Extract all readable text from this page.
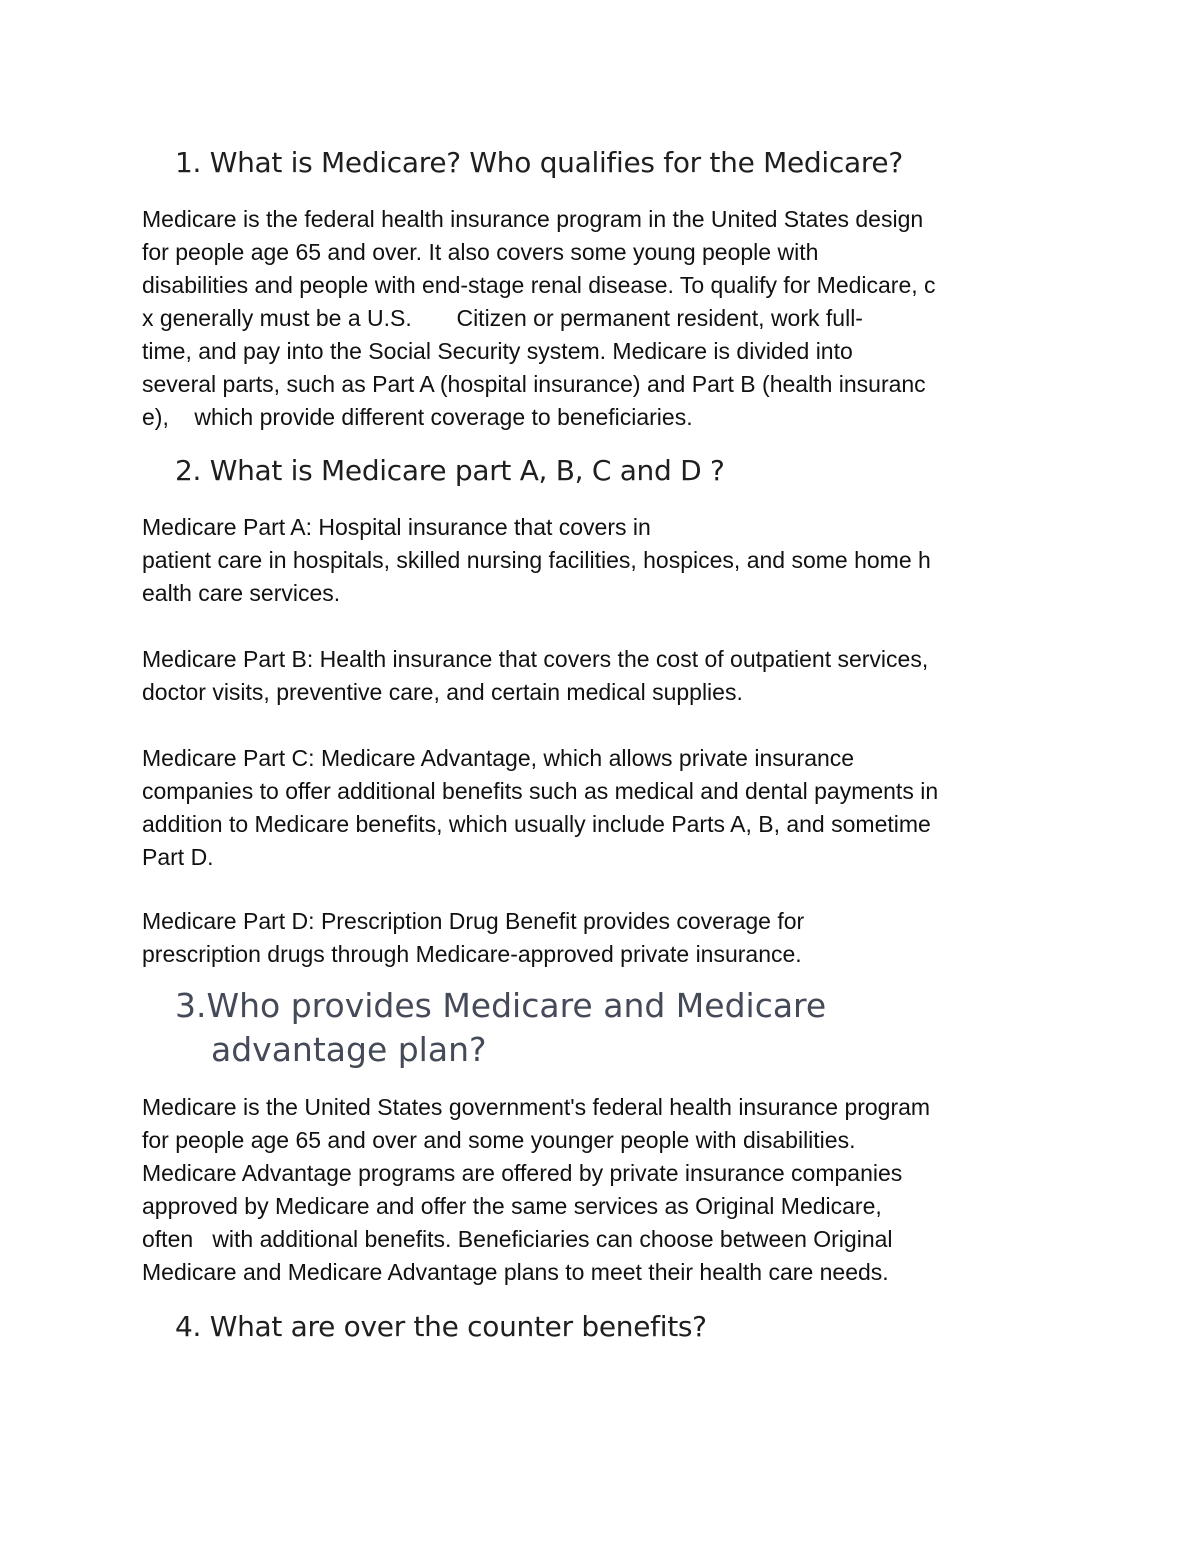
1. What is Medicare? Who qualifies for the Medicare?
Medicare is the federal health insurance program in the United States design
for people age 65 and over. It also covers some young people with
disabilities and people with end-stage renal disease. To qualify for Medicare, c
x generally must be a U.S.       Citizen or permanent resident, work full-
time, and pay into the Social Security system. Medicare is divided into
several parts, such as Part A (hospital insurance) and Part B (health insuranc
e),    which provide different coverage to beneficiaries.
2. What is Medicare part A, B, C and D ?
Medicare Part A: Hospital insurance that covers in
patient care in hospitals, skilled nursing facilities, hospices, and some home h
ealth care services.
Medicare Part B: Health insurance that covers the cost of outpatient services,
doctor visits, preventive care, and certain medical supplies.
Medicare Part C: Medicare Advantage, which allows private insurance
companies to offer additional benefits such as medical and dental payments in
addition to Medicare benefits, which usually include Parts A, B, and sometime
Part D.
Medicare Part D: Prescription Drug Benefit provides coverage for
prescription drugs through Medicare-approved private insurance.
3.Who provides Medicare and Medicare
advantage plan?
Medicare is the United States government's federal health insurance program
for people age 65 and over and some younger people with disabilities.
Medicare Advantage programs are offered by private insurance companies
approved by Medicare and offer the same services as Original Medicare,
often   with additional benefits. Beneficiaries can choose between Original
Medicare and Medicare Advantage plans to meet their health care needs.
4. What are over the counter benefits?
